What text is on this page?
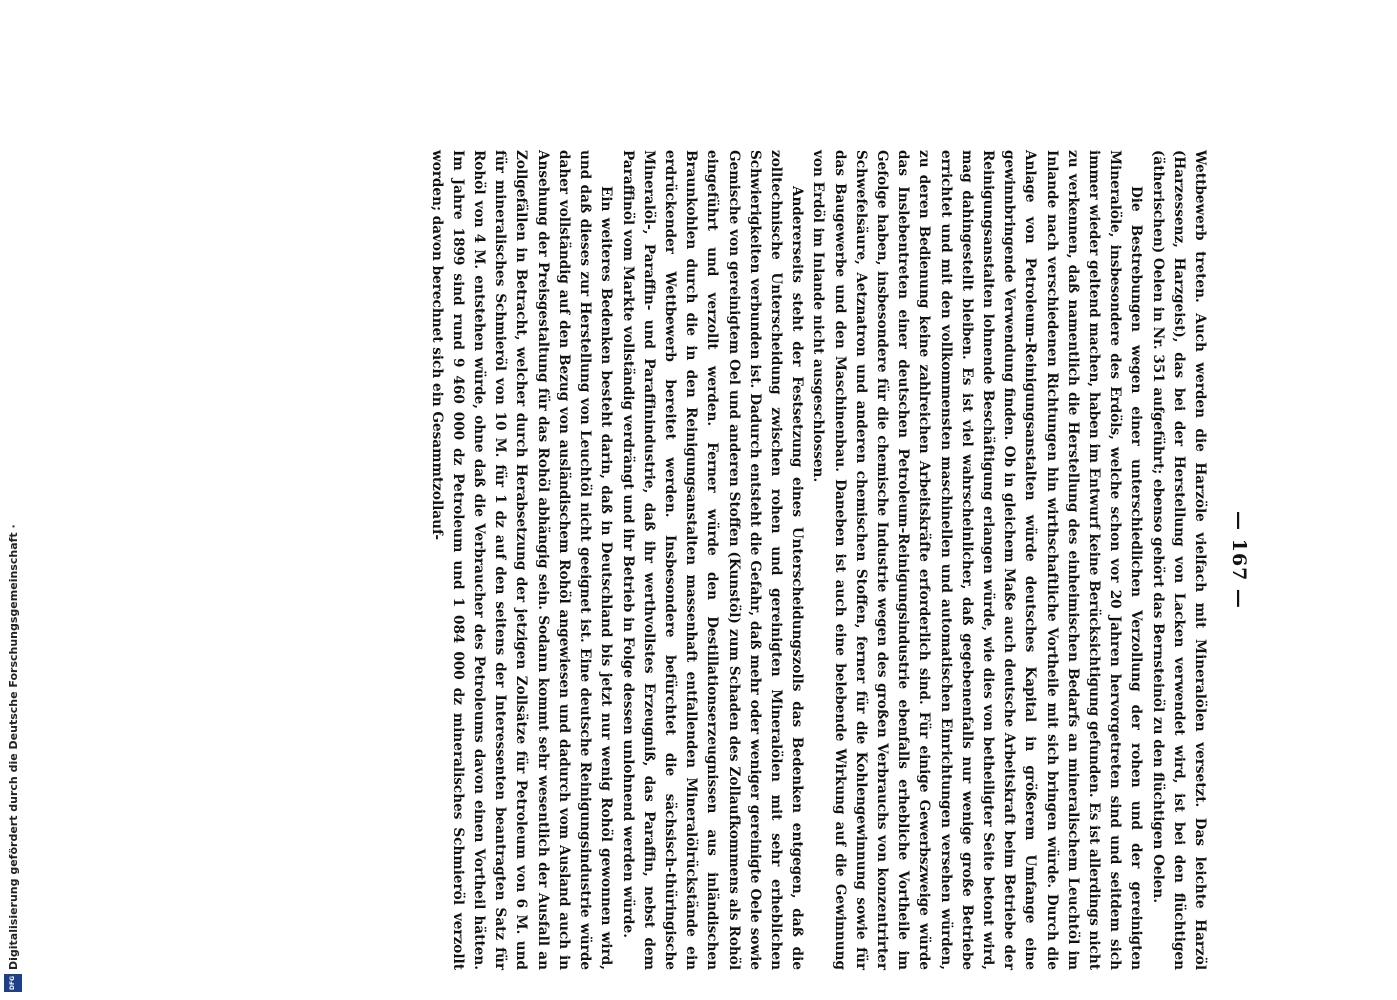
— 167 —

Wettbewerb treten. Auch werden die Harzöle vielfach mit Mineralölen versetzt. Das leichte Harzöl (Harzessenz, Harzgeist), das bei der Herstellung von Lacken verwendet wird, ist bei den flüchtigen (ätherischen) Oelen in Nr. 351 aufgeführt; ebenso gehört das Bernsteinöl zu den flüchtigen Oelen.

Die Bestrebungen wegen einer unterschiedlichen Verzollung der rohen und der gereinigten Mineralöle, insbesondere des Erdöls, welche schon vor 20 Jahren hervorgetreten sind und seitdem sich immer wieder geltend machen, haben im Entwurf keine Berücksichtigung gefunden. Es ist allerdings nicht zu verkennen, daß namentlich die Herstellung des einheimischen Bedarfs an mineralischem Leuchtöl im Inlande nach verschiedenen Richtungen hin wirthschaftliche Vortheile mit sich bringen würde. Durch die Anlage von Petroleum-Reinigungsanstalten würde deutsches Kapital in größerem Umfange eine gewinnbringende Verwendung finden. Ob in gleichem Maße auch deutsche Arbeitskraft beim Betriebe der Reinigungsanstalten lohnende Beschäftigung erlangen würde, wie dies von betheiligter Seite betont wird, mag dahingestellt bleiben. Es ist viel wahrscheinlicher, daß gegebenenfalls nur wenige große Betriebe errichtet und mit den vollkommensten maschinellen und automatischen Einrichtungen versehen würden, zu deren Bedienung keine zahlreichen Arbeitskräfte erforderlich sind. Für einige Gewerbszweige würde das Inslebentreten einer deutschen Petroleum-Reinigungsindustrie ebenfalls erhebliche Vortheile im Gefolge haben, insbesondere für die chemische Industrie wegen des großen Verbrauchs von konzentrirter Schwefelsäure, Aetznatron und anderen chemischen Stoffen, ferner für die Kohlengewinnung sowie für das Baugewerbe und den Maschinenbau. Daneben ist auch eine belebende Wirkung auf die Gewinnung von Erdöl im Inlande nicht ausgeschlossen.

Andererseits steht der Festsetzung eines Unterscheidungszolls das Bedenken entgegen, daß die zolltechnische Unterscheidung zwischen rohen und gereinigten Mineralölen mit sehr erheblichen Schwierigkeiten verbunden ist. Dadurch entsteht die Gefahr, daß mehr oder weniger gereinigte Oele sowie Gemische von gereinigtem Oel und anderen Stoffen (Kunstöl) zum Schaden des Zollaufkommens als Rohöl eingeführt und verzollt werden. Ferner würde den Destillationserzeugnissen aus inländischen Braunkohlen durch die in den Reinigungsanstalten massenhaft entfallenden Mineralölrückstände ein erdrückender Wettbewerb bereitet werden. Insbesondere befürchtet die sächsisch-thüringische Mineralöl-, Paraffin- und Paraffinindustrie, daß ihr werthvollstes Erzeugniß, das Paraffin, nebst dem Paraffinöl vom Markte vollständig verdrängt und ihr Betrieb in Folge dessen unlohnend werden würde.

Ein weiteres Bedenken besteht darin, daß in Deutschland bis jetzt nur wenig Rohöl gewonnen wird, und daß dieses zur Herstellung von Leuchtöl nicht geeignet ist. Eine deutsche Reinigungsindustrie würde daher vollständig auf den Bezug von ausländischem Rohöl angewiesen und dadurch vom Ausland auch in Ansehung der Preisgestaltung für das Rohöl abhängig sein. Sodann kommt sehr wesentlich der Ausfall an Zollgefällen in Betracht, welcher durch Herabsetzung der jetzigen Zollsätze für Petroleum von 6 M. und für mineralisches Schmieröl von 10 M. für 1 dz auf den seitens der Interessenten beantragten Satz für Rohöl von 4 M. entstehen würde, ohne daß die Verbraucher des Petroleums davon einen Vortheil hätten. Im Jahre 1899 sind rund 9 460 000 dz Petroleum und 1 084 000 dz mineralisches Schmieröl verzollt worden; davon berechnet sich ein Gesammtzollauf-

DFG
Digitalisierung gefördert durch die Deutsche Forschungsgemeinschaft ·
